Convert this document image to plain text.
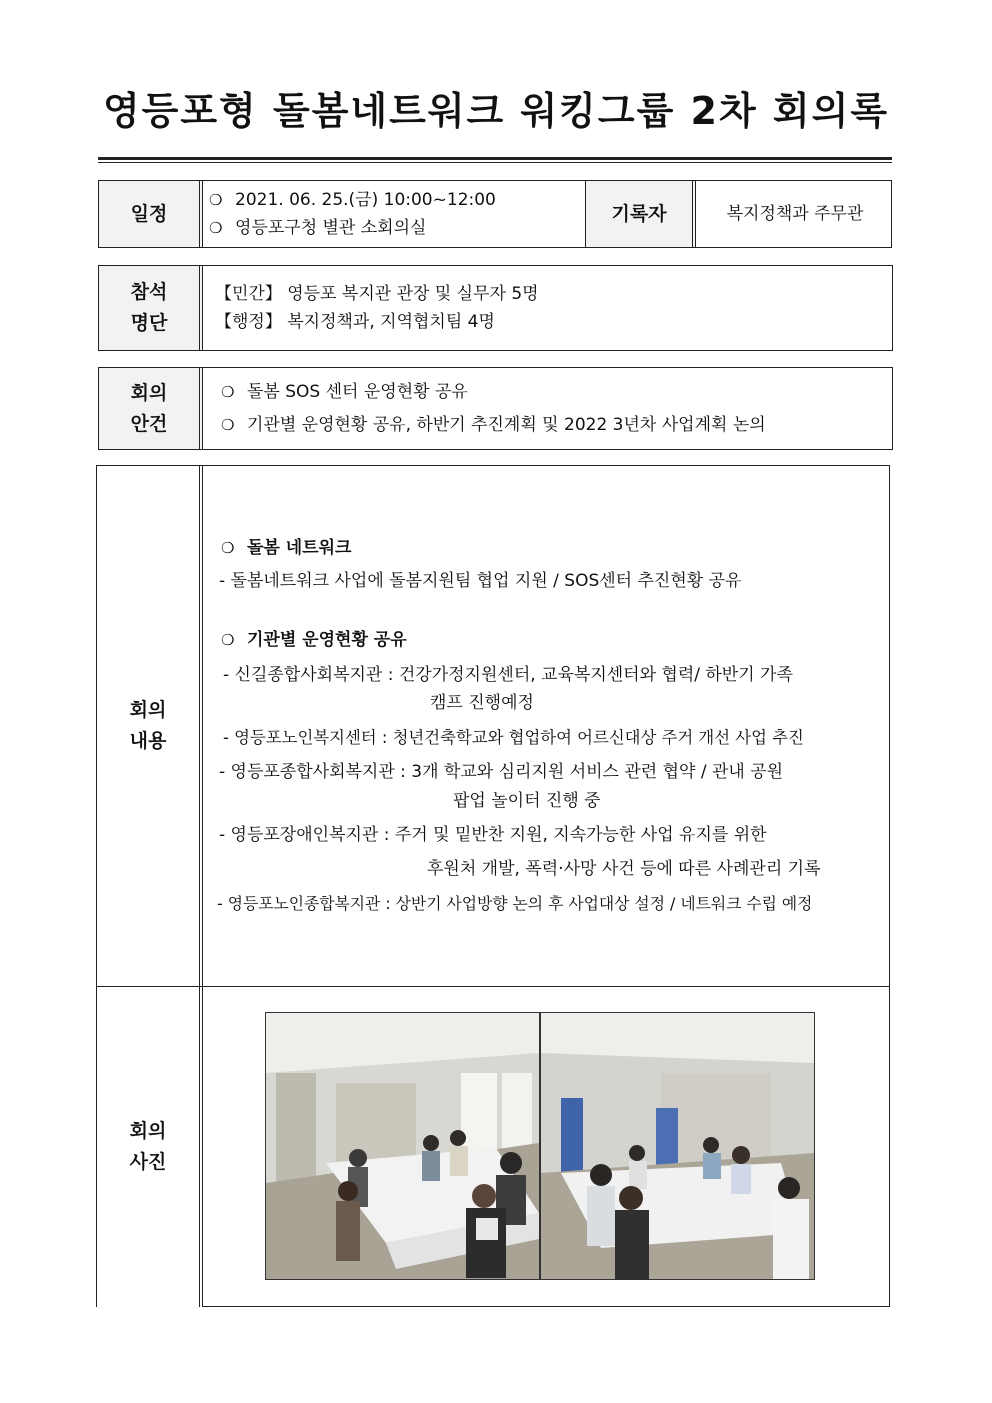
영등포형 돌봄네트워크 워킹그룹 2차 회의록
일정
❍ 2021. 06. 25.(금) 10:00~12:00
❍ 영등포구청 별관 소회의실
기록자	복지정책과 주무관
참석
명단
【민간】 영등포 복지관 관장 및 실무자 5명
【행정】 복지정책과, 지역협치팀 4명
회의
안건
❍ 돌봄 SOS 센터 운영현황 공유
❍ 기관별 운영현황 공유, 하반기 추진계획 및 2022 3년차 사업계획 논의
회의
내용
회의
사진
❍ 돌봄 네트워크
- 돌봄네트워크 사업에 돌봄지원팀 협업 지원 / SOS센터 추진현황 공유
❍ 기관별 운영현황 공유
- 신길종합사회복지관 : 건강가정지원센터, 교육복지센터와 협력/ 하반기 가족
캠프 진행예정
- 영등포노인복지센터 : 청년건축학교와 협업하여 어르신대상 주거 개선 사업 추진
- 영등포종합사회복지관 : 3개 학교와 심리지원 서비스 관련 협약 / 관내 공원
팝업 놀이터 진행 중
- 영등포장애인복지관 : 주거 및 밑반찬 지원, 지속가능한 사업 유지를 위한
후원처 개발, 폭력·사망 사건 등에 따른 사례관리 기록
- 영등포노인종합복지관 : 상반기 사업방향 논의 후 사업대상 설정 / 네트워크 수립 예정
